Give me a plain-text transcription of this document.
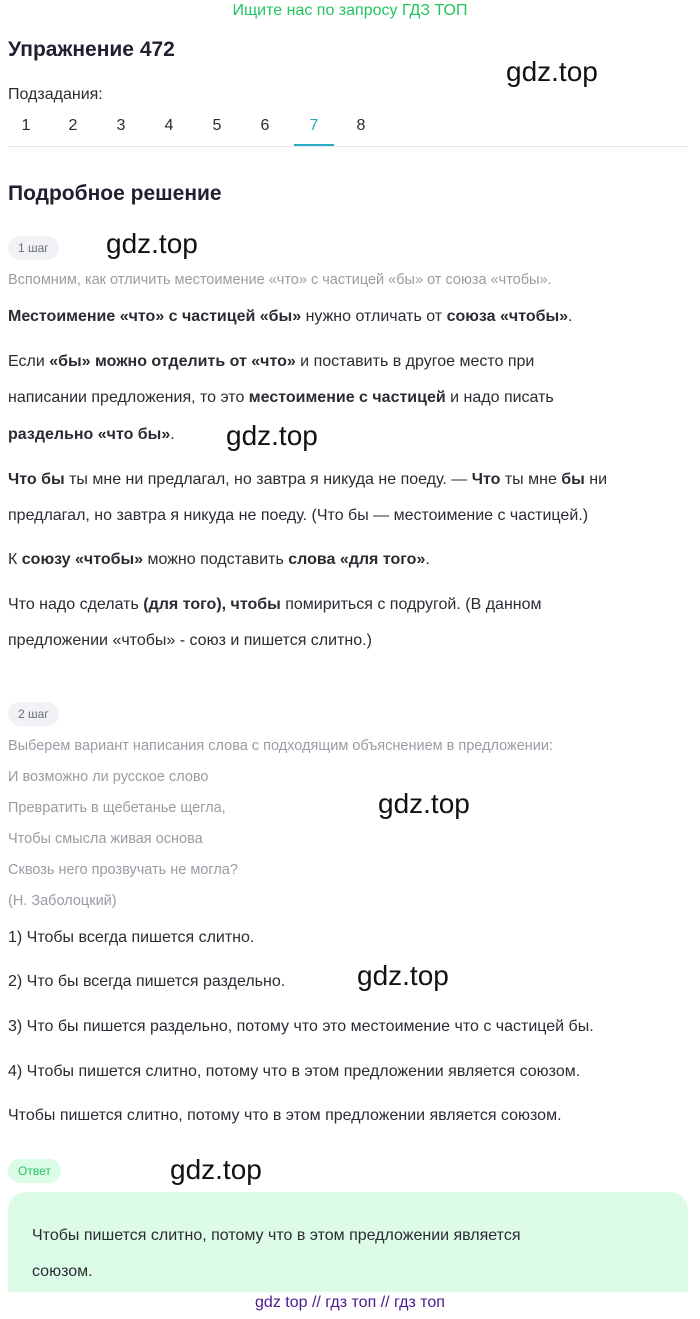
Ищите нас по запросу ГДЗ ТОП
Упражнение 472
gdz.top
Подзадания:
1	2	3	4	5	6	7	8
Подробное решение
1 шаг	gdz.top
Вспомним, как отличить местоимение «что» с частицей «бы» от союза «чтобы».
Местоимение «что» с частицей «бы» нужно отличать от союза «чтобы».
Если «бы» можно отделить от «что» и поставить в другое место при
написании предложения, то это местоимение с частицей и надо писать
раздельно «что бы». gdz.top
Что бы ты мне ни предлагал, но завтра я никуда не поеду. — Что ты мне бы ни
предлагал, но завтра я никуда не поеду. (Что бы — местоимение с частицей.)
К союзу «чтобы» можно подставить слова «для того».
Что надо сделать (для того), чтобы помириться с подругой. (В данном
предложении «чтобы» - союз и пишется слитно.)
2 шаг
Выберем вариант написания слова с подходящим объяснением в предложении:
И возможно ли русское слово
Превратить в щебетанье щегла,
Чтобы смысла живая основа
Сквозь него прозвучать не могла?
(Н. Заболоцкий)
gdz.top
1) Чтобы всегда пишется слитно.
2) Что бы всегда пишется раздельно.	gdz.top
3) Что бы пишется раздельно, потому что это местоимение что с частицей бы.
4) Чтобы пишется слитно, потому что в этом предложении является союзом.
Чтобы пишется слитно, потому что в этом предложении является союзом.
Ответ	gdz.top
Чтобы пишется слитно, потому что в этом предложении является
союзом.
gdz top // гдз топ // гдз топ
